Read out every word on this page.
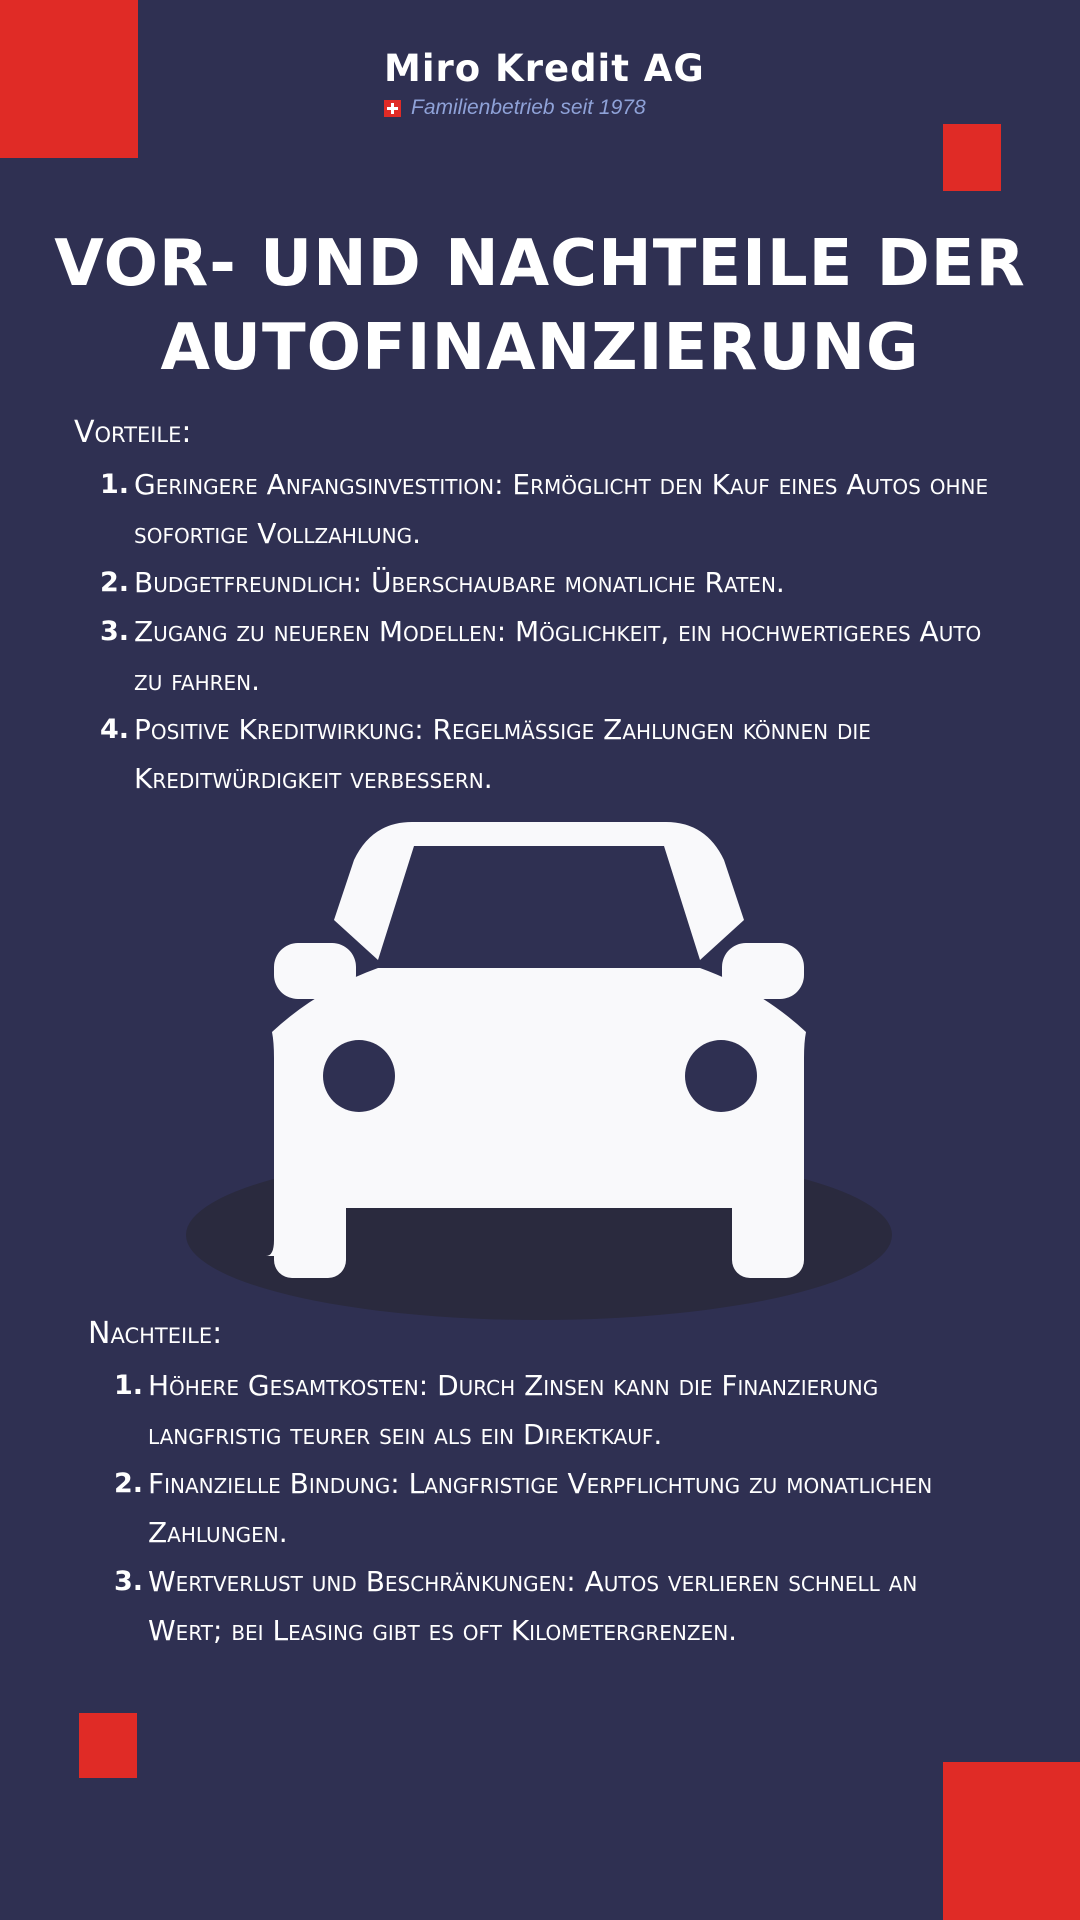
Miro Kredit AG
Familienbetrieb seit 1978
VOR- UND NACHTEILE DER AUTOFINANZIERUNG
Vorteile:
1. Geringere Anfangsinvestition: Ermöglicht den Kauf eines Autos ohne sofortige Vollzahlung.
2. Budgetfreundlich: Überschaubare monatliche Raten.
3. Zugang zu neueren Modellen: Möglichkeit, ein hochwertigeres Auto zu fahren.
4. Positive Kreditwirkung: Regelmäßige Zahlungen können die Kreditwürdigkeit verbessern.
Nachteile:
1. Höhere Gesamtkosten: Durch Zinsen kann die Finanzierung langfristig teurer sein als ein Direktkauf.
2. Finanzielle Bindung: Langfristige Verpflichtung zu monatlichen Zahlungen.
3. Wertverlust und Beschränkungen: Autos verlieren schnell an Wert; bei Leasing gibt es oft Kilometergrenzen.
